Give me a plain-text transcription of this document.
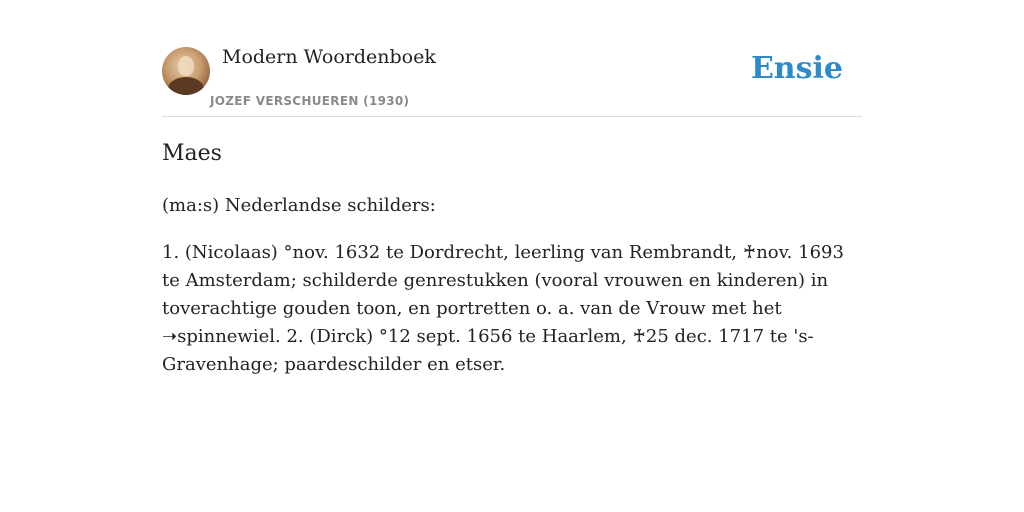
Modern Woordenboek
JOZEF VERSCHUEREN (1930)
Ensie
Maes

(ma:s) Nederlandse schilders:

1. (Nicolaas) °nov. 1632 te Dordrecht, leerling van Rembrandt, ♰nov. 1693 te Amsterdam; schilderde genrestukken (vooral vrouwen en kinderen) in toverachtige gouden toon, en portretten o. a. van de Vrouw met het ➝spinnewiel. 2. (Dirck) °12 sept. 1656 te Haarlem, ♰25 dec. 1717 te 's-Gravenhage; paardeschilder en etser.
